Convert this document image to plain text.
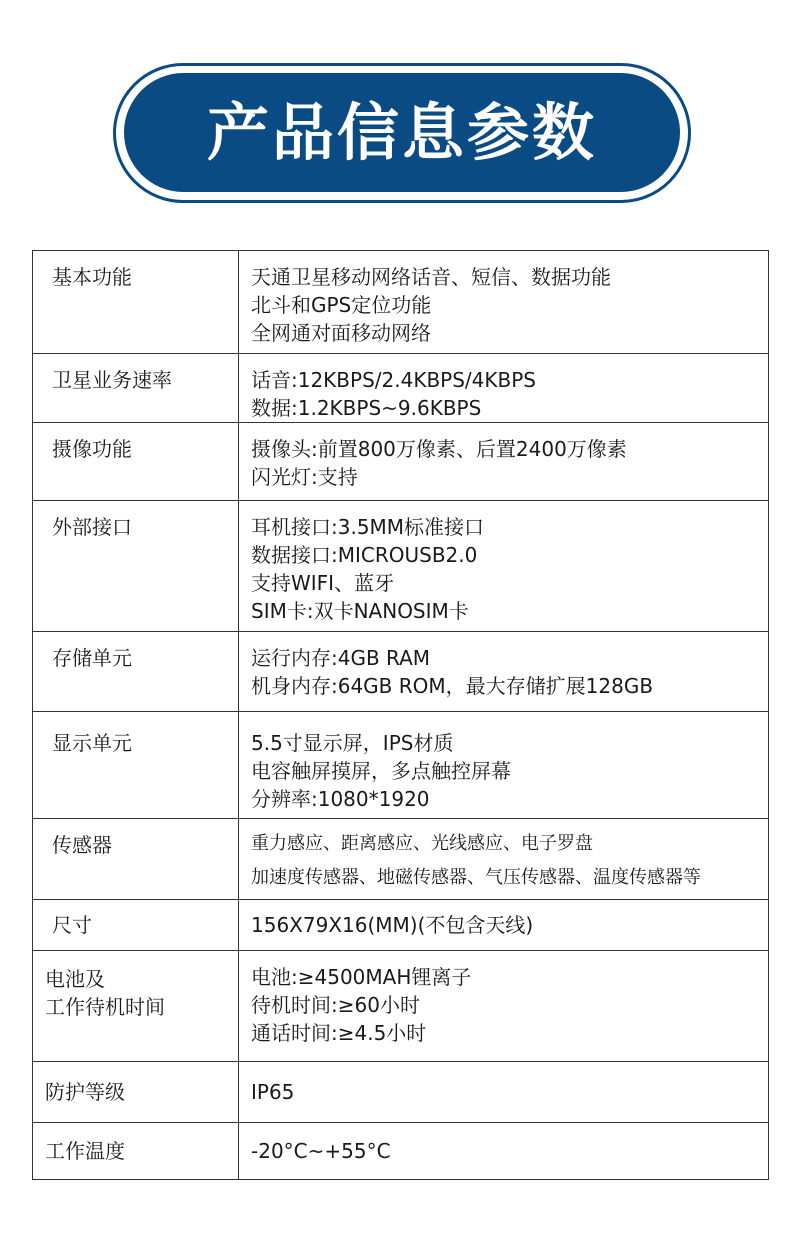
产品信息参数
基本功能	天通卫星移动网络话音、短信、数据功能
北斗和GPS定位功能
全网通对面移动网络

卫星业务速率	话音:12KBPS/2.4KBPS/4KBPS
数据:1.2KBPS~9.6KBPS

摄像功能	摄像头:前置800万像素、后置2400万像素
闪光灯:支持

外部接口	耳机接口:3.5MM标准接口
数据接口:MICROUSB2.0
支持WIFI、蓝牙
SIM卡:双卡NANOSIM卡

存储单元	运行内存:4GB RAM
机身内存:64GB ROM，最大存储扩展128GB

显示单元	5.5寸显示屏，IPS材质
电容触屏摸屏，多点触控屏幕
分辨率:1080*1920

传感器	重力感应、距离感应、光线感应、电子罗盘
加速度传感器、地磁传感器、气压传感器、温度传感器等

尺寸	156X79X16(MM)(不包含天线)

电池及
工作待机时间	电池:≥4500MAH锂离子
待机时间:≥60小时
通话时间:≥4.5小时

防护等级	IP65

工作温度	-20°C~+55°C
